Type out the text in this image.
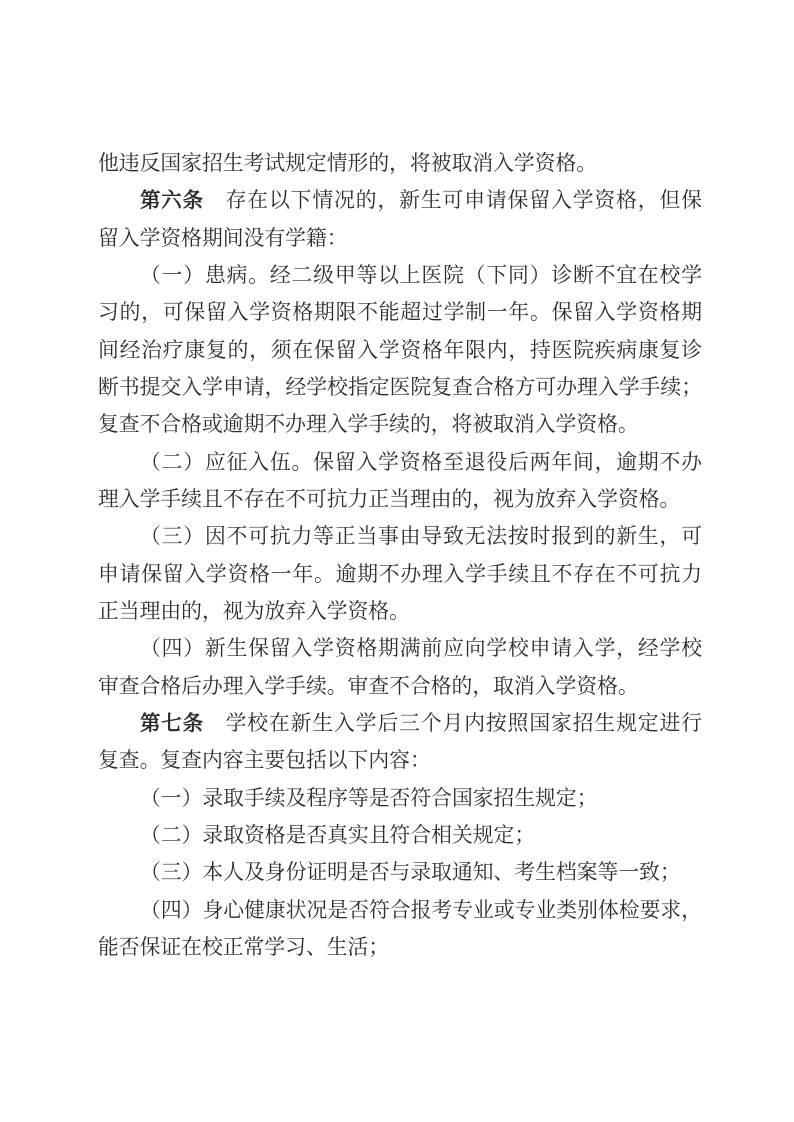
他违反国家招生考试规定情形的，将被取消入学资格。
第六条　存在以下情况的，新生可申请保留入学资格，但保
留入学资格期间没有学籍：
（一）患病。经二级甲等以上医院（下同）诊断不宜在校学
习的，可保留入学资格期限不能超过学制一年。保留入学资格期
间经治疗康复的，须在保留入学资格年限内，持医院疾病康复诊
断书提交入学申请，经学校指定医院复查合格方可办理入学手续；
复查不合格或逾期不办理入学手续的，将被取消入学资格。
（二）应征入伍。保留入学资格至退役后两年间，逾期不办
理入学手续且不存在不可抗力正当理由的，视为放弃入学资格。
（三）因不可抗力等正当事由导致无法按时报到的新生，可
申请保留入学资格一年。逾期不办理入学手续且不存在不可抗力
正当理由的，视为放弃入学资格。
（四）新生保留入学资格期满前应向学校申请入学，经学校
审查合格后办理入学手续。审查不合格的，取消入学资格。
第七条　学校在新生入学后三个月内按照国家招生规定进行
复查。复查内容主要包括以下内容：
（一）录取手续及程序等是否符合国家招生规定；
（二）录取资格是否真实且符合相关规定；
（三）本人及身份证明是否与录取通知、考生档案等一致；
（四）身心健康状况是否符合报考专业或专业类别体检要求，
能否保证在校正常学习、生活；
